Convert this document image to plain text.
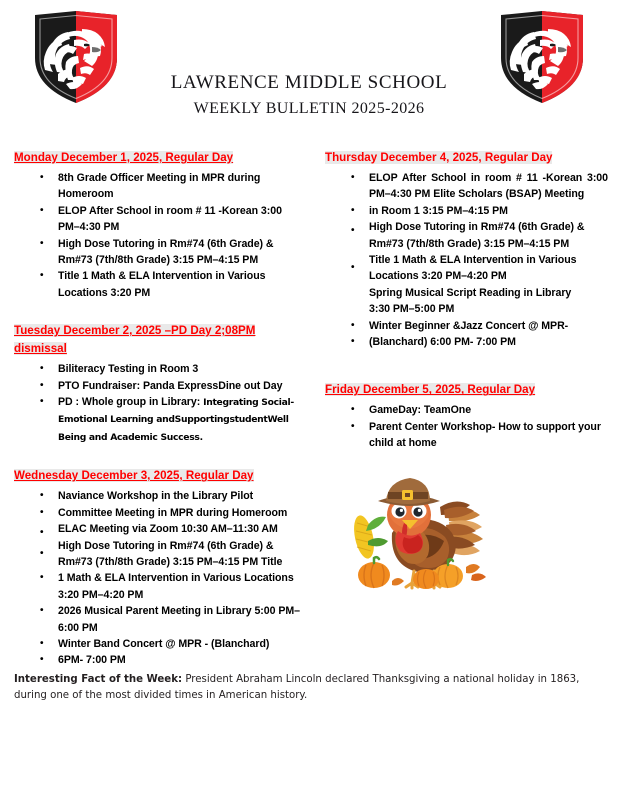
LAWRENCE MIDDLE SCHOOL
WEEKLY BULLETIN 2025-2026
Monday December 1, 2025, Regular Day
• 8th Grade Officer Meeting in MPR during Homeroom
• ELOP After School in room # 11 -Korean 3:00 PM–4:30 PM
• High Dose Tutoring in Rm#74 (6th Grade) & Rm#73 (7th/8th Grade) 3:15 PM–4:15 PM
• Title 1 Math & ELA Intervention in Various Locations 3:20 PM
Tuesday December 2, 2025 –PD Day 2;08PM dismissal
• Biliteracy Testing in Room 3
• PTO Fundraiser: Panda ExpressDine out Day
• PD : Whole group in Library: Integrating Social-Emotional Learning andSupportingstudentWell Being and Academic Success.
Wednesday December 3, 2025, Regular Day
• Naviance Workshop in the Library Pilot
• Committee Meeting in MPR during Homeroom
• ELAC Meeting via Zoom 10:30 AM–11:30 AM
•
High Dose Tutoring in Rm#74 (6th Grade) & Rm#73 (7th/8th Grade) 3:15 PM–4:15 PM Title
• 1 Math & ELA Intervention in Various Locations 3:20 PM–4:20 PM
• 2026 Musical Parent Meeting in Library 5:00 PM–6:00 PM
• Winter Band Concert @ MPR - (Blanchard)
• 6PM- 7:00 PM
Thursday December 4, 2025, Regular Day
• ELOP After School in room # 11 -Korean 3:00 PM–4:30 PM Elite Scholars (BSAP) Meeting
• in Room 1 3:15 PM–4:15 PM
• High Dose Tutoring in Rm#74 (6th Grade) & Rm#73 (7th/8th Grade) 3:15 PM–4:15 PM
•
Title 1 Math & ELA Intervention in Various Locations 3:20 PM–4:20 PM
Spring Musical Script Reading in Library
3:30 PM–5:00 PM
• Winter Beginner &Jazz Concert @ MPR-
• (Blanchard) 6:00 PM- 7:00 PM
Friday December 5, 2025, Regular Day
• GameDay: TeamOne
• Parent Center Workshop- How to support your child at home
Interesting Fact of the Week: President Abraham Lincoln declared Thanksgiving a national holiday in 1863, during one of the most divided times in American history.
